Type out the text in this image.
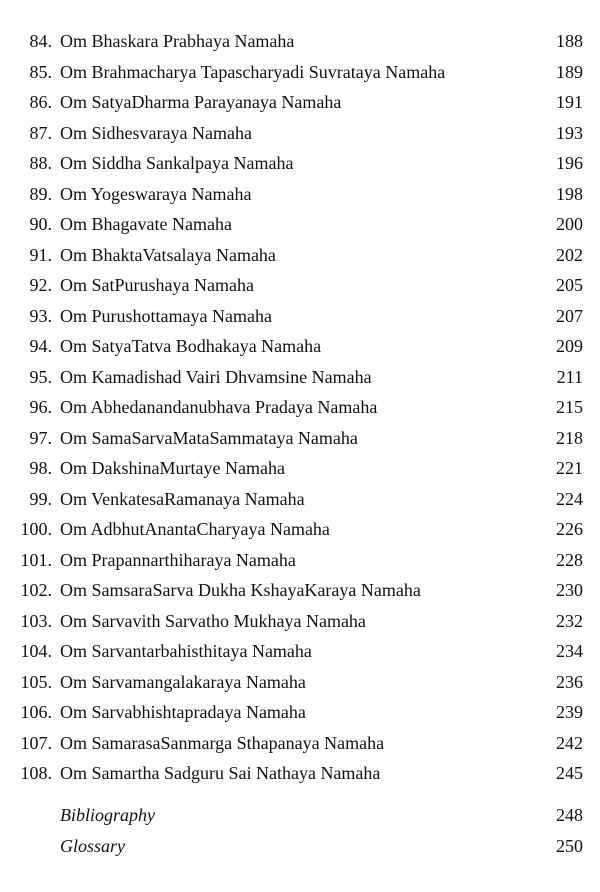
84. Om Bhaskara Prabhaya Namaha	188
85. Om Brahmacharya Tapascharyadi Suvrataya Namaha	189
86. Om SatyaDharma Parayanaya Namaha	191
87. Om Sidhesvaraya Namaha	193
88. Om Siddha Sankalpaya Namaha	196
89. Om Yogeswaraya Namaha	198
90. Om Bhagavate Namaha	200
91. Om BhaktaVatsalaya Namaha	202
92. Om SatPurushaya Namaha	205
93. Om Purushottamaya Namaha	207
94. Om SatyaTatva Bodhakaya Namaha	209
95. Om Kamadishad Vairi Dhvamsine Namaha	211
96. Om Abhedanandanubhava Pradaya Namaha	215
97. Om SamaSarvaMataSammataya Namaha	218
98. Om DakshinaMurtaye Namaha	221
99. Om VenkatesaRamanaya Namaha	224
100. Om AdbhutAnantaCharyaya Namaha	226
101. Om Prapannarthiharaya Namaha	228
102. Om SamsaraSarva Dukha KshayaKaraya Namaha	230
103. Om Sarvavith Sarvatho Mukhaya Namaha	232
104. Om Sarvantarbahisthitaya Namaha	234
105. Om Sarvamangalakaraya Namaha	236
106. Om Sarvabhishtapradaya Namaha	239
107. Om SamarasaSanmarga Sthapanaya Namaha	242
108. Om Samartha Sadguru Sai Nathaya Namaha	245
Bibliography	248
Glossary	250
